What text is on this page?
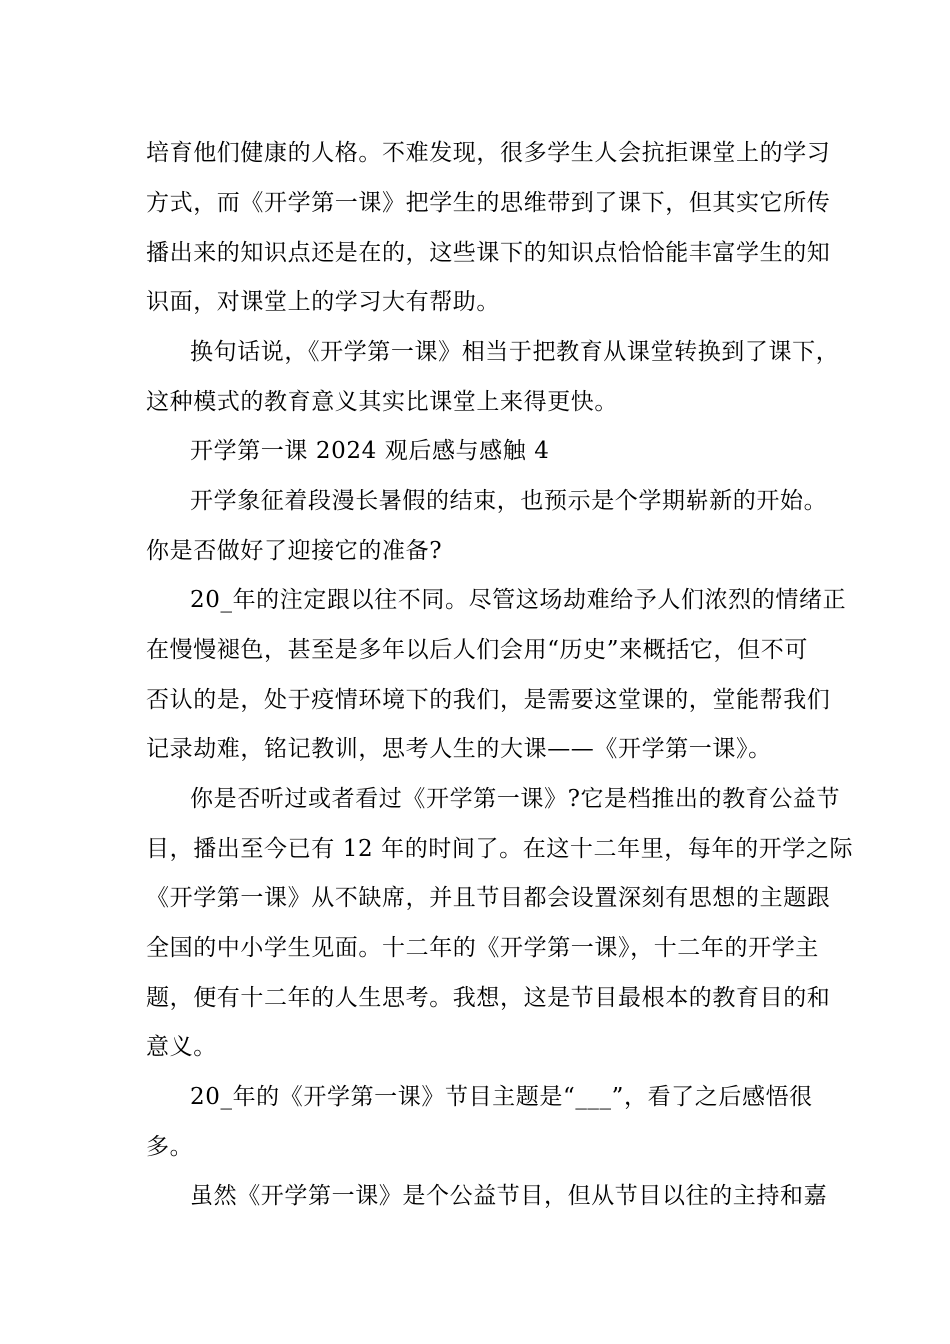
培育他们健康的人格。不难发现，很多学生人会抗拒课堂上的学习
方式，而《开学第一课》把学生的思维带到了课下，但其实它所传
播出来的知识点还是在的，这些课下的知识点恰恰能丰富学生的知
识面，对课堂上的学习大有帮助。
换句话说，《开学第一课》相当于把教育从课堂转换到了课下，
这种模式的教育意义其实比课堂上来得更快。
开学第一课 2024 观后感与感触 4
开学象征着段漫长暑假的结束，也预示是个学期崭新的开始。
你是否做好了迎接它的准备?
20_年的注定跟以往不同。尽管这场劫难给予人们浓烈的情绪正
在慢慢褪色，甚至是多年以后人们会用“历史”来概括它，但不可
否认的是，处于疫情环境下的我们，是需要这堂课的，堂能帮我们
记录劫难，铭记教训，思考人生的大课——《开学第一课》。
你是否听过或者看过《开学第一课》?它是档推出的教育公益节
目，播出至今已有 12 年的时间了。在这十二年里，每年的开学之际
《开学第一课》从不缺席，并且节目都会设置深刻有思想的主题跟
全国的中小学生见面。十二年的《开学第一课》，十二年的开学主
题，便有十二年的人生思考。我想，这是节目最根本的教育目的和
意义。
20_年的《开学第一课》节目主题是“___”，看了之后感悟很
多。
虽然《开学第一课》是个公益节目，但从节目以往的主持和嘉
